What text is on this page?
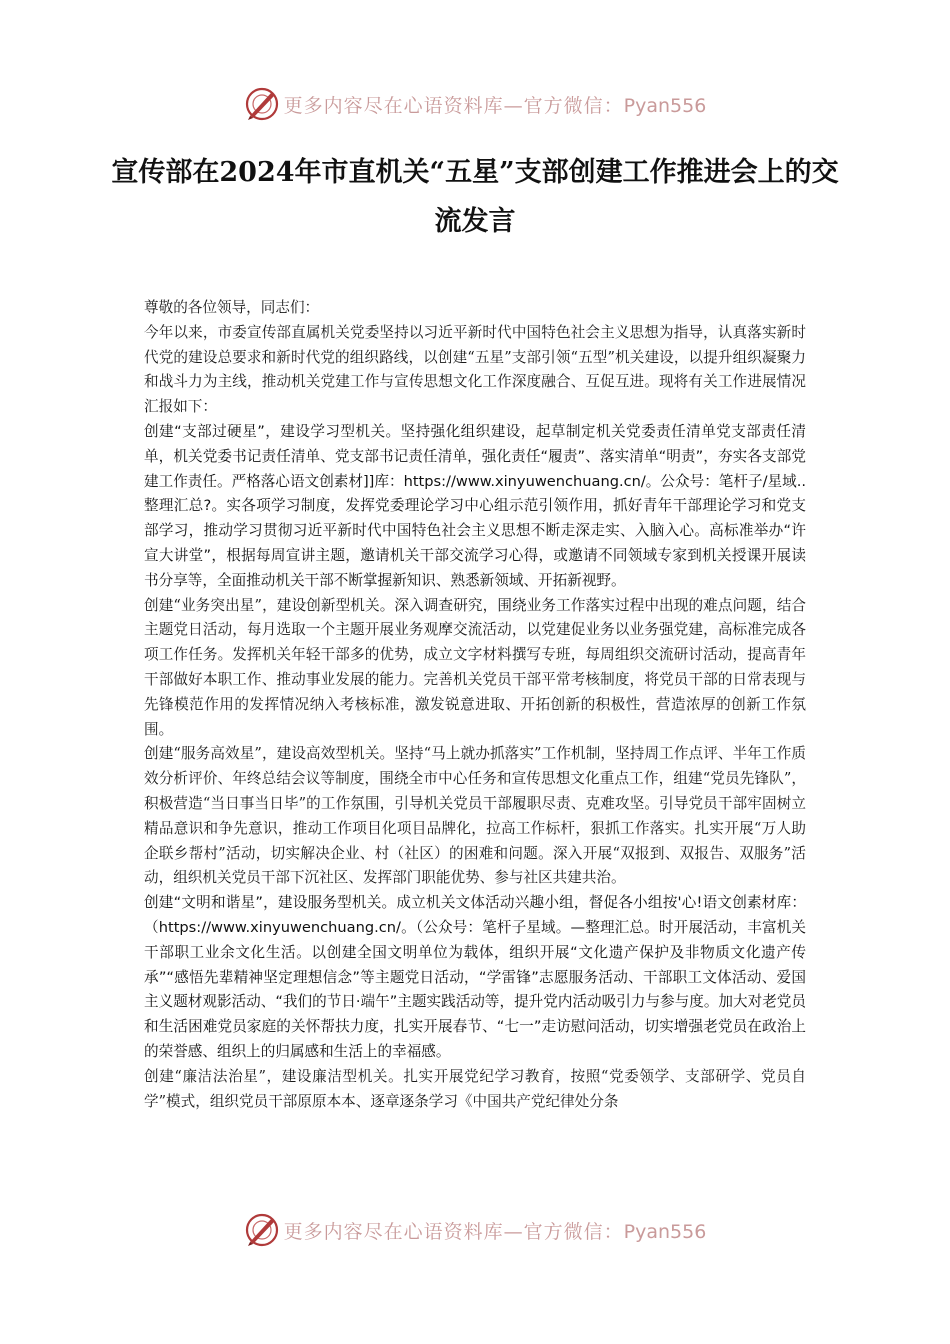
更多内容尽在心语资料库—官方微信：Pyan556
宣传部在2024年市直机关“五星”支部创建工作推进会上的交流发言

尊敬的各位领导，同志们：

今年以来，市委宣传部直属机关党委坚持以习近平新时代中国特色社会主义思想为指导，认真落实新时代党的建设总要求和新时代党的组织路线，以创建“五星”支部引领“五型”机关建设，以提升组织凝聚力和战斗力为主线，推动机关党建工作与宣传思想文化工作深度融合、互促互进。现将有关工作进展情况汇报如下：

创建“支部过硬星”，建设学习型机关。坚持强化组织建设，起草制定机关党委责任清单党支部责任清单，机关党委书记责任清单、党支部书记责任清单，强化责任“履责”、落实清单“明责”，夯实各支部党建工作责任。严格落心语文创素材]]库：https://www.xinyuwenchuang.cn/。公众号：笔杆子/星域..整理汇总?。实各项学习制度，发挥党委理论学习中心组示范引领作用，抓好青年干部理论学习和党支部学习，推动学习贯彻习近平新时代中国特色社会主义思想不断走深走实、入脑入心。高标准举办“许宣大讲堂”，根据每周宣讲主题，邀请机关干部交流学习心得，或邀请不同领域专家到机关授课开展读书分享等，全面推动机关干部不断掌握新知识、熟悉新领域、开拓新视野。

创建“业务突出星”，建设创新型机关。深入调查研究，围绕业务工作落实过程中出现的难点问题，结合主题党日活动，每月选取一个主题开展业务观摩交流活动，以党建促业务以业务强党建，高标准完成各项工作任务。发挥机关年轻干部多的优势，成立文字材料撰写专班，每周组织交流研讨活动，提高青年干部做好本职工作、推动事业发展的能力。完善机关党员干部平常考核制度，将党员干部的日常表现与先锋模范作用的发挥情况纳入考核标准，激发锐意进取、开拓创新的积极性，营造浓厚的创新工作氛围。

创建“服务高效星”，建设高效型机关。坚持“马上就办抓落实”工作机制，坚持周工作点评、半年工作质效分析评价、年终总结会议等制度，围绕全市中心任务和宣传思想文化重点工作，组建“党员先锋队”，积极营造“当日事当日毕”的工作氛围，引导机关党员干部履职尽责、克难攻坚。引导党员干部牢固树立精品意识和争先意识，推动工作项目化项目品牌化，拉高工作标杆，狠抓工作落实。扎实开展“万人助企联乡帮村”活动，切实解决企业、村（社区）的困难和问题。深入开展“双报到、双报告、双服务”活动，组织机关党员干部下沉社区、发挥部门职能优势、参与社区共建共治。

创建“文明和谐星”，建设服务型机关。成立机关文体活动兴趣小组，督促各小组按'心!语文创素材库：（https://www.xinyuwenchuang.cn/。（公众号：笔杆子星域。—整理汇总。时开展活动，丰富机关干部职工业余文化生活。以创建全国文明单位为载体，组织开展“文化遗产保护及非物质文化遗产传承”“感悟先辈精神坚定理想信念”等主题党日活动，“学雷锋”志愿服务活动、干部职工文体活动、爱国主义题材观影活动、“我们的节日·端午”主题实践活动等，提升党内活动吸引力与参与度。加大对老党员和生活困难党员家庭的关怀帮扶力度，扎实开展春节、“七一”走访慰问活动，切实增强老党员在政治上的荣誉感、组织上的归属感和生活上的幸福感。

创建“廉洁法治星”，建设廉洁型机关。扎实开展党纪学习教育，按照“党委领学、支部研学、党员自学”模式，组织党员干部原原本本、逐章逐条学习《中国共产党纪律处分条

更多内容尽在心语资料库—官方微信：Pyan556
